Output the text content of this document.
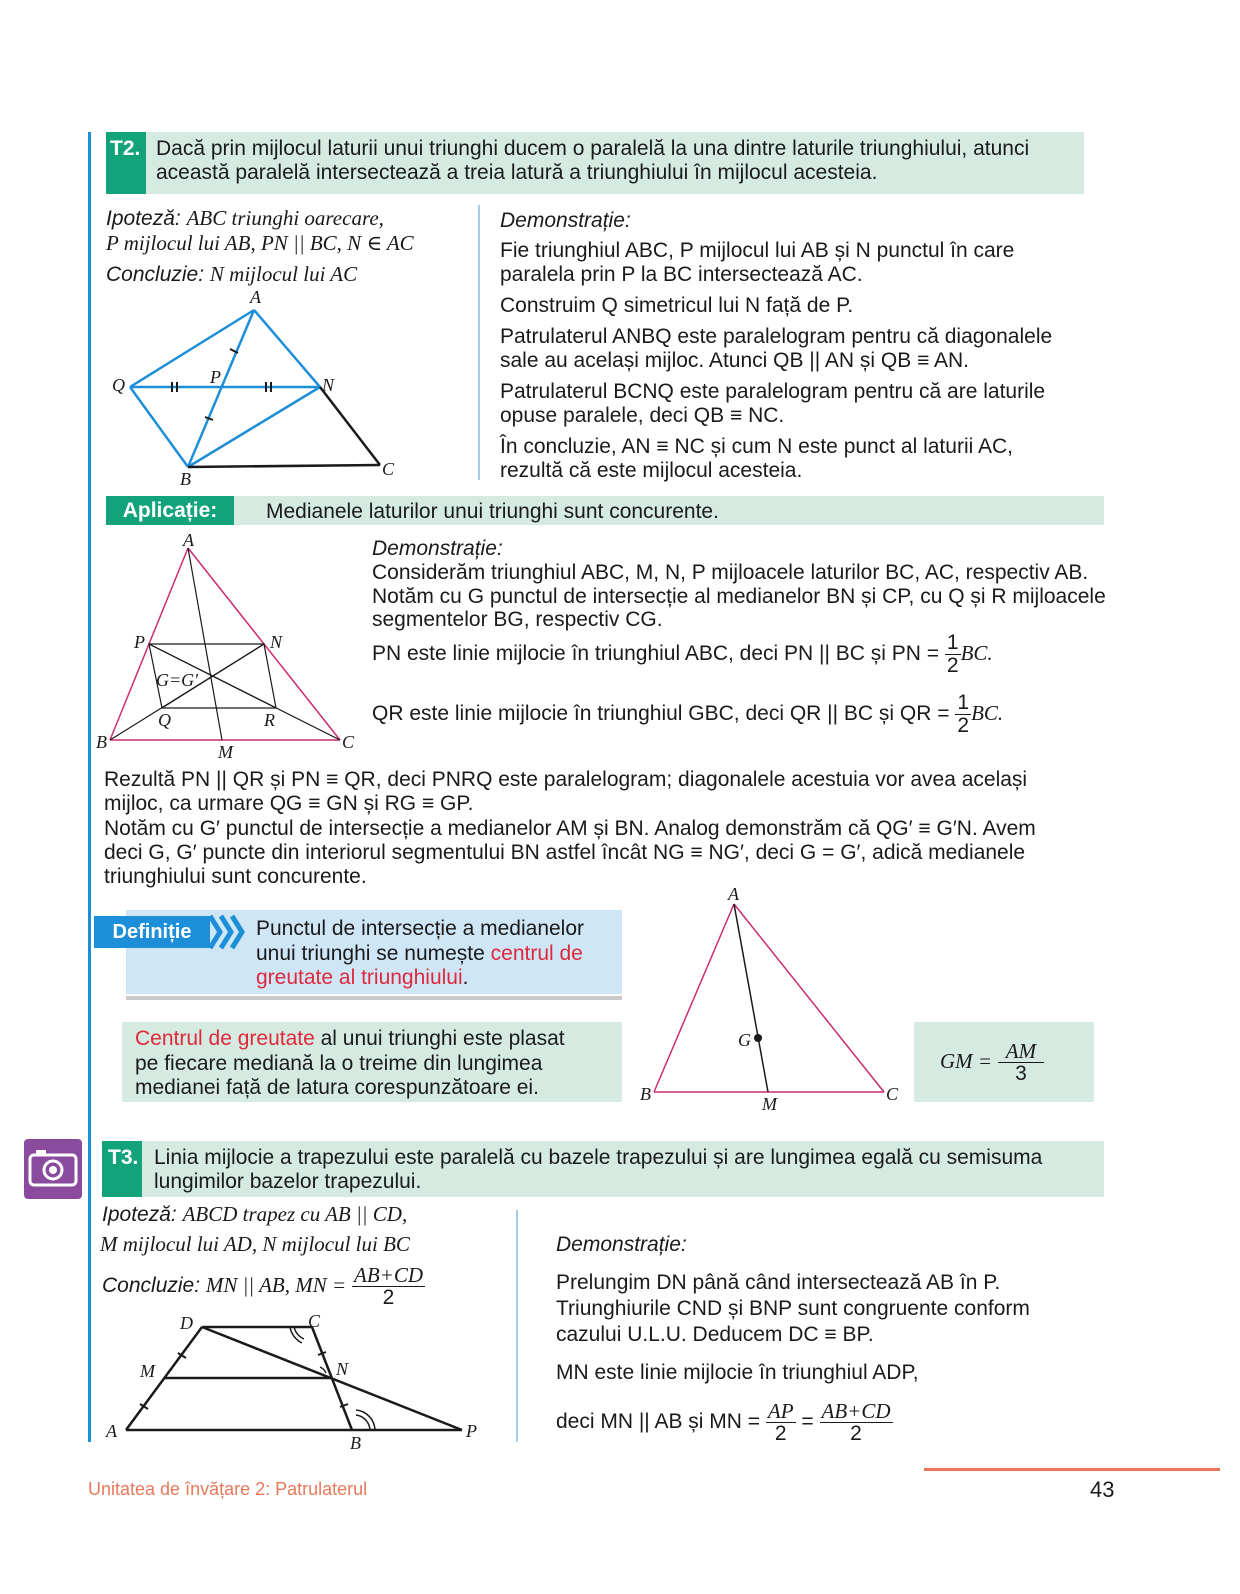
T2. Dacă prin mijlocul laturii unui triunghi ducem o paralelă la una dintre laturile triunghiului, atunci
această paralelă intersectează a treia latură a triunghiului în mijlocul acesteia.
Ipoteză: ABC triunghi oarecare,
P mijlocul lui AB, PN || BC, N ∈ AC
Concluzie: N mijlocul lui AC
A
Q	P	N
B	C
Demonstrație:
Fie triunghiul ABC, P mijlocul lui AB și N punctul în care
paralela prin P la BC intersectează AC.
Construim Q simetricul lui N față de P.
Patrulaterul ANBQ este paralelogram pentru că diagonalele
sale au același mijloc. Atunci QB || AN și QB ≡ AN.
Patrulaterul BCNQ este paralelogram pentru că are laturile
opuse paralele, deci QB ≡ NC.
În concluzie, AN ≡ NC și cum N este punct al laturii AC,
rezultă că este mijlocul acesteia.
Aplicație:	Medianele laturilor unui triunghi sunt concurente.
A
P	N
G=G′
Q	R
B	C
M
Demonstrație:
Considerăm triunghiul ABC, M, N, P mijloacele laturilor BC, AC, respectiv AB.
Notăm cu G punctul de intersecție al medianelor BN și CP, cu Q și R mijloacele
segmentelor BG, respectiv CG.
PN este linie mijlocie în triunghiul ABC, deci PN || BC și PN = $\frac{1}{2}$ BC.
QR este linie mijlocie în triunghiul GBC, deci QR || BC și QR = $\frac{1}{2}$ BC.
Rezultă PN || QR și PN ≡ QR, deci PNRQ este paralelogram; diagonalele acestuia vor avea același
mijloc, ca urmare QG ≡ GN și RG ≡ GP.
Notăm cu G′ punctul de intersecție a medianelor AM și BN. Analog demonstrăm că QG′ ≡ G′N. Avem
deci G, G′ puncte din interiorul segmentului BN astfel încât NG ≡ NG′, deci G = G′, adică medianele
triunghiului sunt concurente.
Definiție	Punctul de intersecție a medianelor
unui triunghi se numește centrul de
greutate al triunghiului.
Centrul de greutate al unui triunghi este plasat
pe fiecare mediană la o treime din lungimea
medianei față de latura corespunzătoare ei.
A
G
B	C
M
GM = $\frac{AM}{3}$
T3. Linia mijlocie a trapezului este paralelă cu bazele trapezului și are lungimea egală cu semisuma
lungimilor bazelor trapezului.
Ipoteză: ABCD trapez cu AB || CD,
M mijlocul lui AD, N mijlocul lui BC
Concluzie: MN || AB, MN = $\frac{AB+CD}{2}$
D	C
M	N
A
B
P
Demonstrație:
Prelungim DN până când intersectează AB în P.
Triunghiurile CND și BNP sunt congruente conform
cazului U.L.U. Deducem DC ≡ BP.
MN este linie mijlocie în triunghiul ADP,
deci MN || AB și MN = $\frac{AP}{2} = \frac{AB+CD}{2}$
Unitatea de învățare 2: Patrulaterul	43
